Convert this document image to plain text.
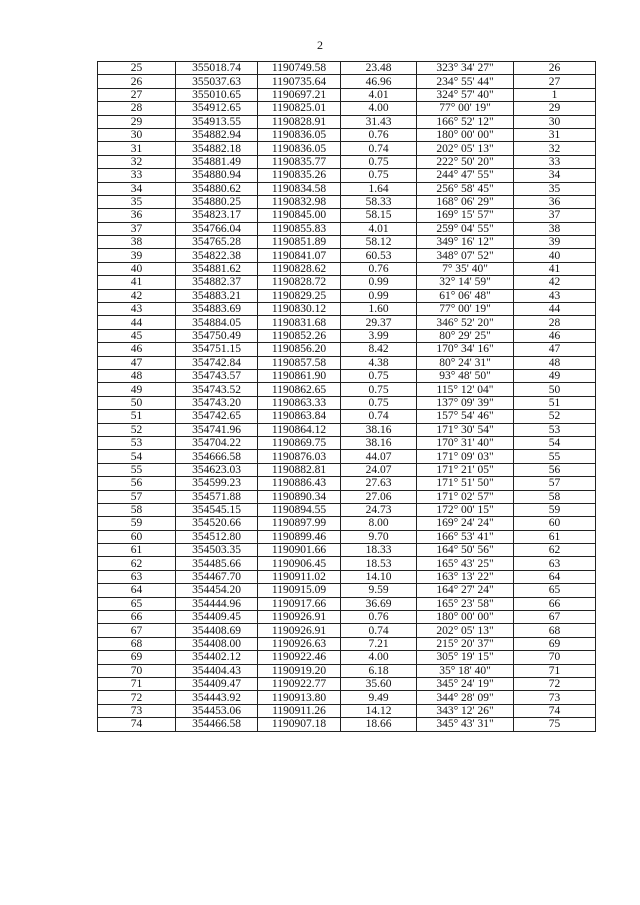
2
25	355018.74	1190749.58	23.48	323° 34' 27"	26
26	355037.63	1190735.64	46.96	234° 55' 44"	27
27	355010.65	1190697.21	4.01	324° 57' 40"	1
28	354912.65	1190825.01	4.00	77° 00' 19"	29
29	354913.55	1190828.91	31.43	166° 52' 12"	30
30	354882.94	1190836.05	0.76	180° 00' 00"	31
31	354882.18	1190836.05	0.74	202° 05' 13"	32
32	354881.49	1190835.77	0.75	222° 50' 20"	33
33	354880.94	1190835.26	0.75	244° 47' 55"	34
34	354880.62	1190834.58	1.64	256° 58' 45"	35
35	354880.25	1190832.98	58.33	168° 06' 29"	36
36	354823.17	1190845.00	58.15	169° 15' 57"	37
37	354766.04	1190855.83	4.01	259° 04' 55"	38
38	354765.28	1190851.89	58.12	349° 16' 12"	39
39	354822.38	1190841.07	60.53	348° 07' 52"	40
40	354881.62	1190828.62	0.76	7° 35' 40"	41
41	354882.37	1190828.72	0.99	32° 14' 59"	42
42	354883.21	1190829.25	0.99	61° 06' 48"	43
43	354883.69	1190830.12	1.60	77° 00' 19"	44
44	354884.05	1190831.68	29.37	346° 52' 20"	28
45	354750.49	1190852.26	3.99	80° 29' 25"	46
46	354751.15	1190856.20	8.42	170° 34' 16"	47
47	354742.84	1190857.58	4.38	80° 24' 31"	48
48	354743.57	1190861.90	0.75	93° 48' 50"	49
49	354743.52	1190862.65	0.75	115° 12' 04"	50
50	354743.20	1190863.33	0.75	137° 09' 39"	51
51	354742.65	1190863.84	0.74	157° 54' 46"	52
52	354741.96	1190864.12	38.16	171° 30' 54"	53
53	354704.22	1190869.75	38.16	170° 31' 40"	54
54	354666.58	1190876.03	44.07	171° 09' 03"	55
55	354623.03	1190882.81	24.07	171° 21' 05"	56
56	354599.23	1190886.43	27.63	171° 51' 50"	57
57	354571.88	1190890.34	27.06	171° 02' 57"	58
58	354545.15	1190894.55	24.73	172° 00' 15"	59
59	354520.66	1190897.99	8.00	169° 24' 24"	60
60	354512.80	1190899.46	9.70	166° 53' 41"	61
61	354503.35	1190901.66	18.33	164° 50' 56"	62
62	354485.66	1190906.45	18.53	165° 43' 25"	63
63	354467.70	1190911.02	14.10	163° 13' 22"	64
64	354454.20	1190915.09	9.59	164° 27' 24"	65
65	354444.96	1190917.66	36.69	165° 23' 58"	66
66	354409.45	1190926.91	0.76	180° 00' 00"	67
67	354408.69	1190926.91	0.74	202° 05' 13"	68
68	354408.00	1190926.63	7.21	215° 20' 37"	69
69	354402.12	1190922.46	4.00	305° 19' 15"	70
70	354404.43	1190919.20	6.18	35° 18' 40"	71
71	354409.47	1190922.77	35.60	345° 24' 19"	72
72	354443.92	1190913.80	9.49	344° 28' 09"	73
73	354453.06	1190911.26	14.12	343° 12' 26"	74
74	354466.58	1190907.18	18.66	345° 43' 31"	75
